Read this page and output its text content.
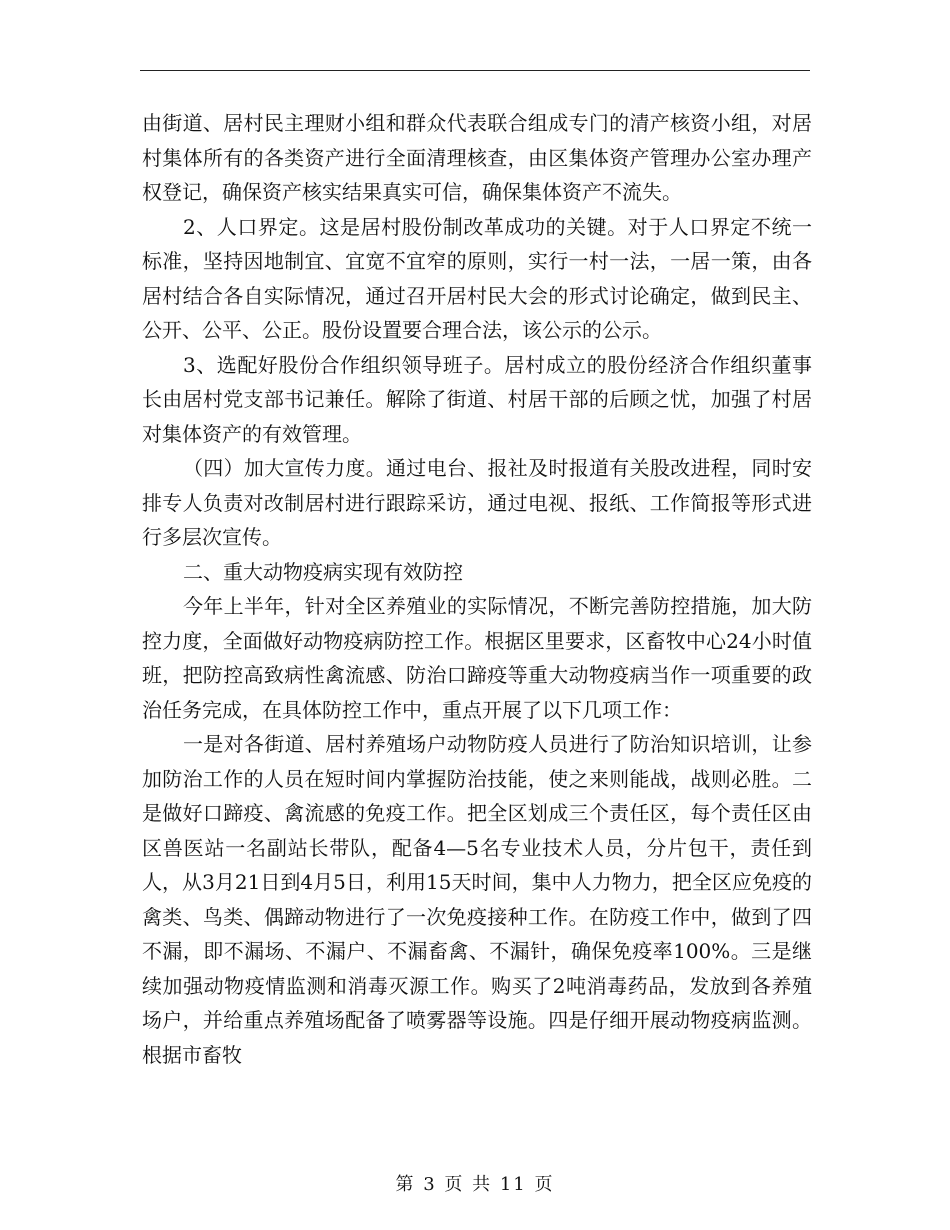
由街道、居村民主理财小组和群众代表联合组成专门的清产核资小组，对居村集体所有的各类资产进行全面清理核查，由区集体资产管理办公室办理产权登记，确保资产核实结果真实可信，确保集体资产不流失。

2、人口界定。这是居村股份制改革成功的关键。对于人口界定不统一标准，坚持因地制宜、宜宽不宜窄的原则，实行一村一法，一居一策，由各居村结合各自实际情况，通过召开居村民大会的形式讨论确定，做到民主、公开、公平、公正。股份设置要合理合法，该公示的公示。

3、选配好股份合作组织领导班子。居村成立的股份经济合作组织董事长由居村党支部书记兼任。解除了街道、村居干部的后顾之忧，加强了村居对集体资产的有效管理。

（四）加大宣传力度。通过电台、报社及时报道有关股改进程，同时安排专人负责对改制居村进行跟踪采访，通过电视、报纸、工作简报等形式进行多层次宣传。

二、重大动物疫病实现有效防控

今年上半年，针对全区养殖业的实际情况，不断完善防控措施，加大防控力度，全面做好动物疫病防控工作。根据区里要求，区畜牧中心24小时值班，把防控高致病性禽流感、防治口蹄疫等重大动物疫病当作一项重要的政治任务完成，在具体防控工作中，重点开展了以下几项工作：

一是对各街道、居村养殖场户动物防疫人员进行了防治知识培训，让参加防治工作的人员在短时间内掌握防治技能，使之来则能战，战则必胜。二是做好口蹄疫、禽流感的免疫工作。把全区划成三个责任区，每个责任区由区兽医站一名副站长带队，配备4—5名专业技术人员，分片包干，责任到人，从3月21日到4月5日，利用15天时间，集中人力物力，把全区应免疫的禽类、鸟类、偶蹄动物进行了一次免疫接种工作。在防疫工作中，做到了四不漏，即不漏场、不漏户、不漏畜禽、不漏针，确保免疫率100%。三是继续加强动物疫情监测和消毒灭源工作。购买了2吨消毒药品，发放到各养殖场户，并给重点养殖场配备了喷雾器等设施。四是仔细开展动物疫病监测。根据市畜牧

第 3 页 共 11 页
